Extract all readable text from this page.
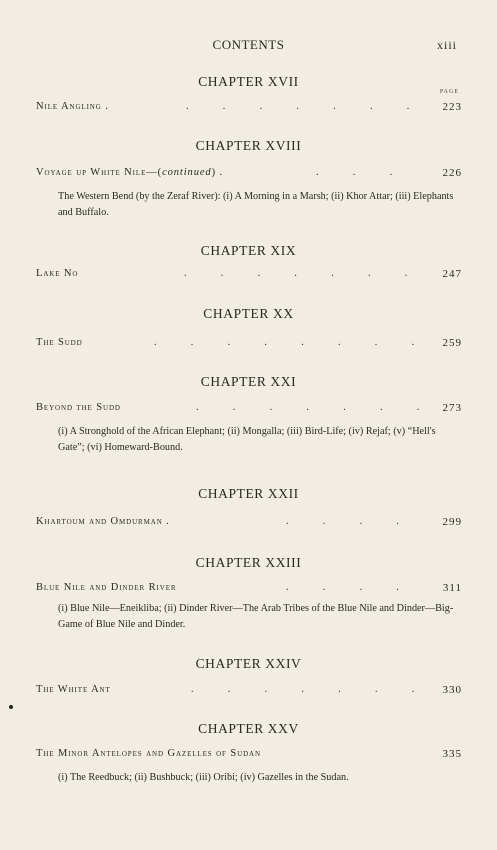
CONTENTS	xiii
PAGE
CHAPTER XVII
Nile Angling .	. . . . . . .	223
CHAPTER XVIII
Voyage up White Nile—(continued) .	. . .	226
The Western Bend (by the Zeraf River): (i) A Morning in a Marsh; (ii) Khor Attar; (iii) Elephants and Buffalo.
CHAPTER XIX
Lake No	. . . . . . .	247
CHAPTER XX
The Sudd	. . . . . . . .	259
CHAPTER XXI
Beyond the Sudd	. . . . . . . 273
(i) A Stronghold of the African Elephant; (ii) Mongalla; (iii) Bird-Life; (iv) Rejaf; (v) “Hell's Gate”; (vi) Homeward-Bound.
CHAPTER XXII
Khartoum and Omdurman .	. . . .	299
CHAPTER XXIII
Blue Nile and Dinder River	. . . .	311
(i) Blue Nile—Eneikliba; (ii) Dinder River—The Arab Tribes of the Blue Nile and Dinder—Big-Game of Blue Nile and Dinder.
CHAPTER XXIV
The White Ant	. . . . . . . 330
CHAPTER XXV
The Minor Antelopes and Gazelles of Sudan	335
(i) The Reedbuck; (ii) Bushbuck; (iii) Oribi; (iv) Gazelles in the Sudan.
